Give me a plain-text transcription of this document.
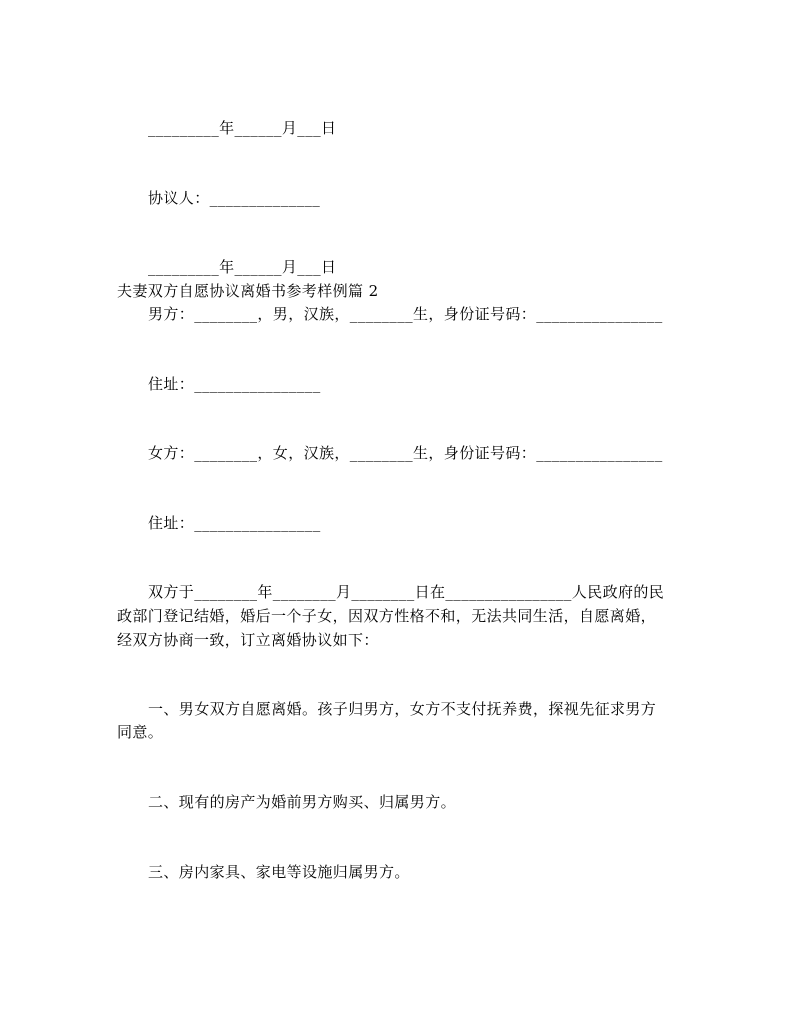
_________年______月___日
协议人：______________
_________年______月___日
夫妻双方自愿协议离婚书参考样例篇 2
男方：________，男，汉族，________生，身份证号码：________________
住址：________________
女方：________，女，汉族，________生，身份证号码：________________
住址：________________
双方于________年________月________日在________________人民政府的民
政部门登记结婚，婚后一个子女，因双方性格不和，无法共同生活，自愿离婚，
经双方协商一致，订立离婚协议如下：
一、男女双方自愿离婚。孩子归男方，女方不支付抚养费，探视先征求男方
同意。
二、现有的房产为婚前男方购买、归属男方。
三、房内家具、家电等设施归属男方。
